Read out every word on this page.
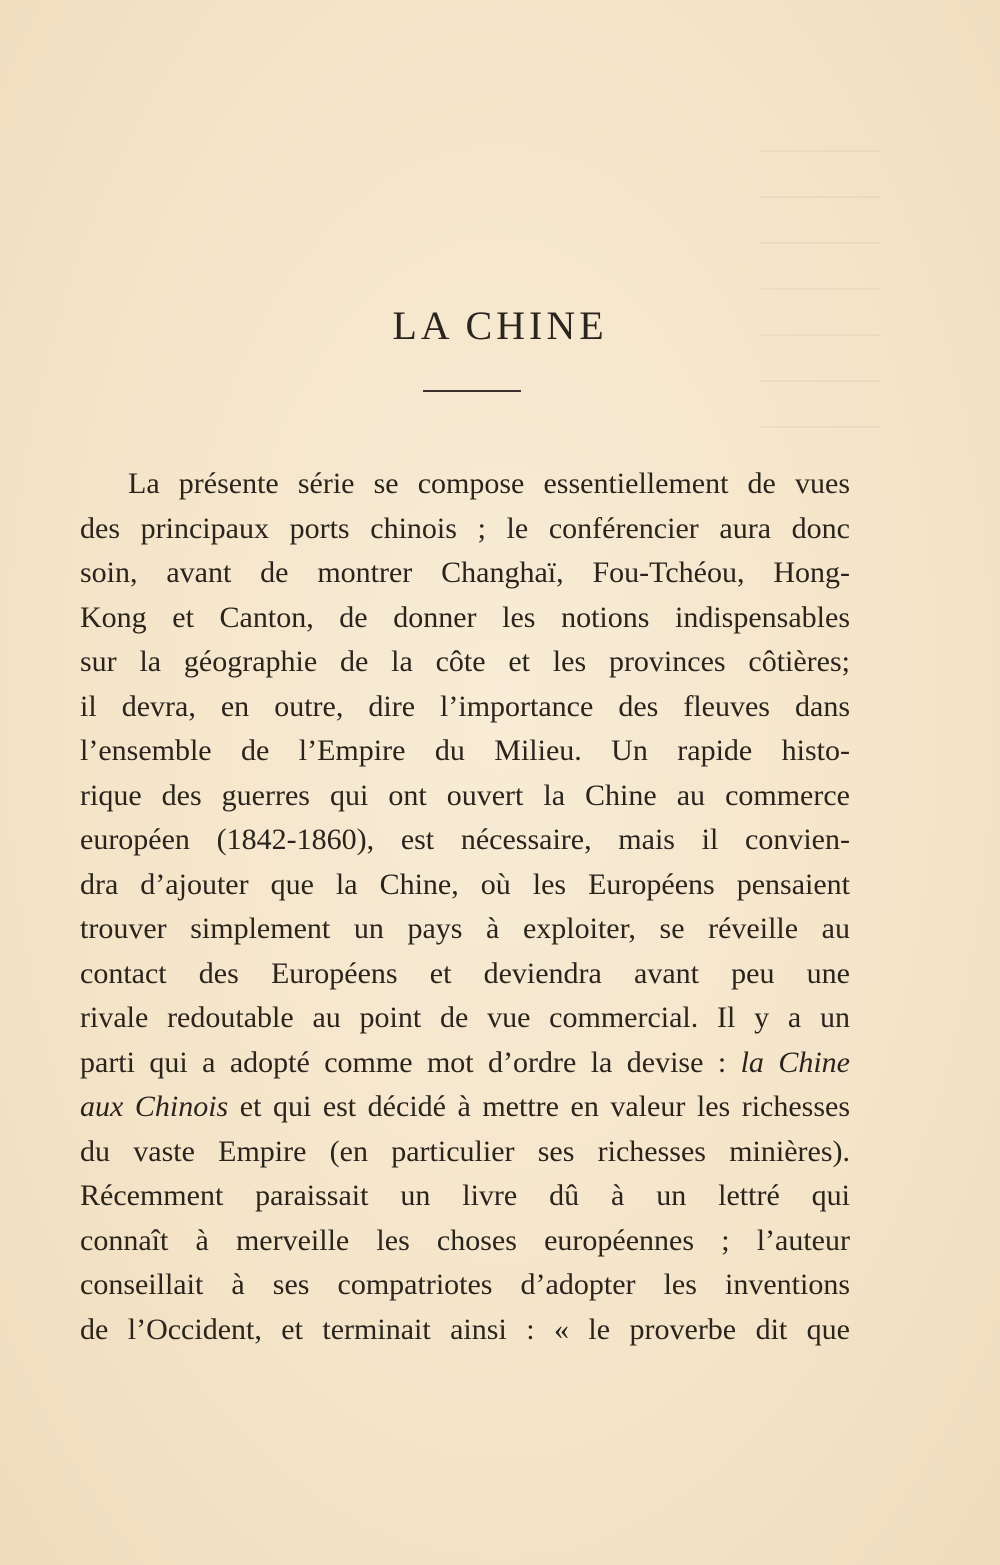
LA CHINE
La présente série se compose essentiellement de vues
des principaux ports chinois ; le conférencier aura donc
soin, avant de montrer Changhaï, Fou-Tchéou, Hong-
Kong et Canton, de donner les notions indispensables
sur la géographie de la côte et les provinces côtières;
il devra, en outre, dire l’importance des fleuves dans
l’ensemble de l’Empire du Milieu. Un rapide histo-
rique des guerres qui ont ouvert la Chine au commerce
européen (1842-1860), est nécessaire, mais il convien-
dra d’ajouter que la Chine, où les Européens pensaient
trouver simplement un pays à exploiter, se réveille au
contact des Européens et deviendra avant peu une
rivale redoutable au point de vue commercial. Il y a un
parti qui a adopté comme mot d’ordre la devise : la Chine
aux Chinois et qui est décidé à mettre en valeur les richesses
du vaste Empire (en particulier ses richesses minières).
Récemment paraissait un livre dû à un lettré qui
connaît à merveille les choses européennes ; l’auteur
conseillait à ses compatriotes d’adopter les inventions
de l’Occident, et terminait ainsi : « le proverbe dit que
